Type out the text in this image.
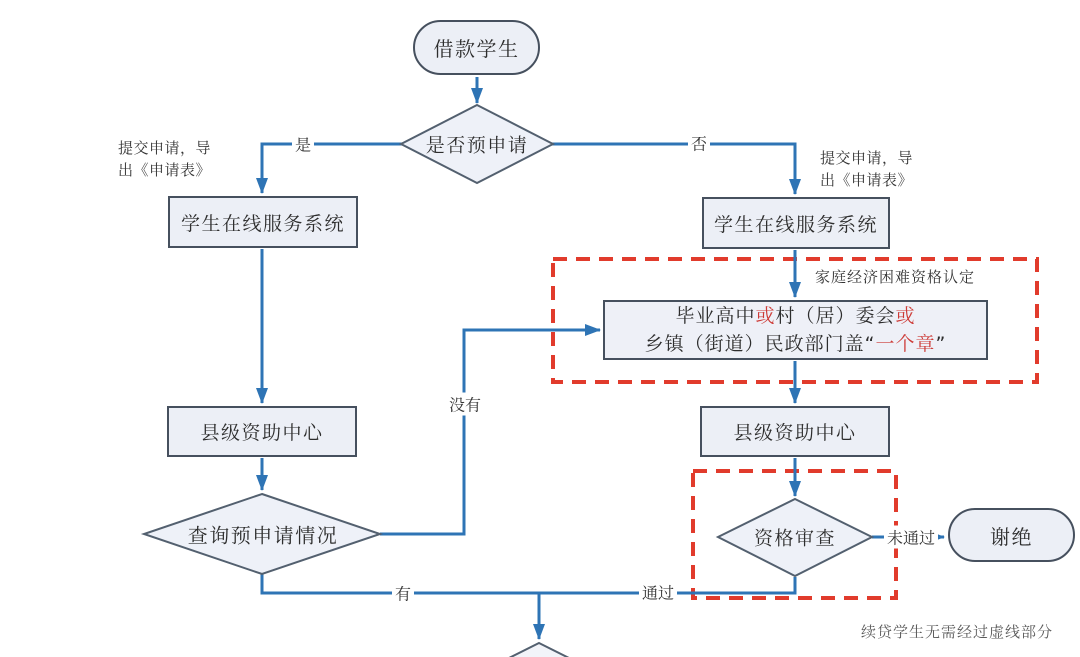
借款学生
学生在线服务系统	学生在线服务系统
毕业高中或村（居）委会或
乡镇（街道）民政部门盖“一个章”
县级资助中心	县级资助中心
谢绝
是否预申请
查询预申请情况	资格审查
是	否
没有
有	通过
未通过
提交申请，导
出《申请表》
提交申请，导
出《申请表》
家庭经济困难资格认定
续贷学生无需经过虚线部分
